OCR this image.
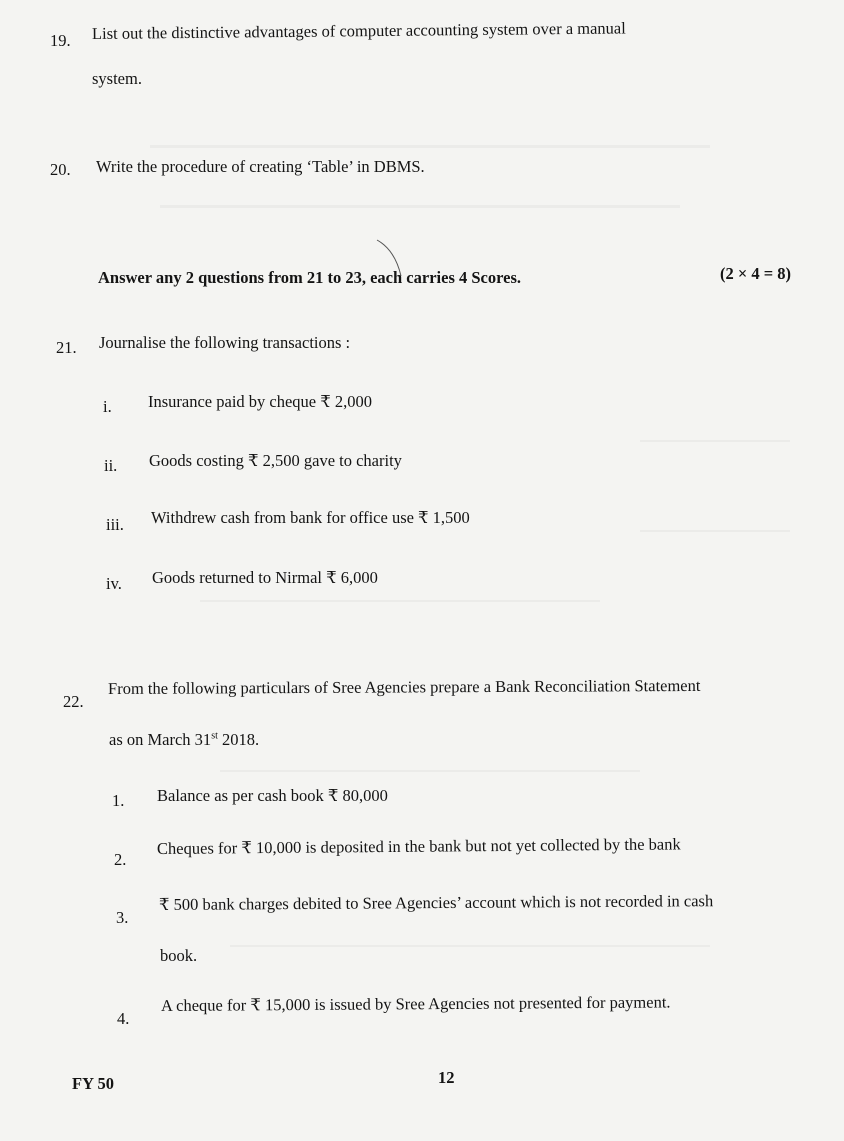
19. List out the distinctive advantages of computer accounting system over a manual
system.
20. Write the procedure of creating ‘Table’ in DBMS.
Answer any 2 questions from 21 to 23, each carries 4 Scores.	(2 × 4 = 8)
21. Journalise the following transactions :
i. Insurance paid by cheque ₹ 2,000
ii. Goods costing ₹ 2,500 gave to charity
iii. Withdrew cash from bank for office use ₹ 1,500
iv. Goods returned to Nirmal ₹ 6,000
22.
From the following particulars of Sree Agencies prepare a Bank Reconciliation Statement
as on March 31st 2018.
1. Balance as per cash book ₹ 80,000
2.
Cheques for ₹ 10,000 is deposited in the bank but not yet collected by the bank
3.
₹ 500 bank charges debited to Sree Agencies’ account which is not recorded in cash
book.
4.
A cheque for ₹ 15,000 is issued by Sree Agencies not presented for payment.
FY 50	12
